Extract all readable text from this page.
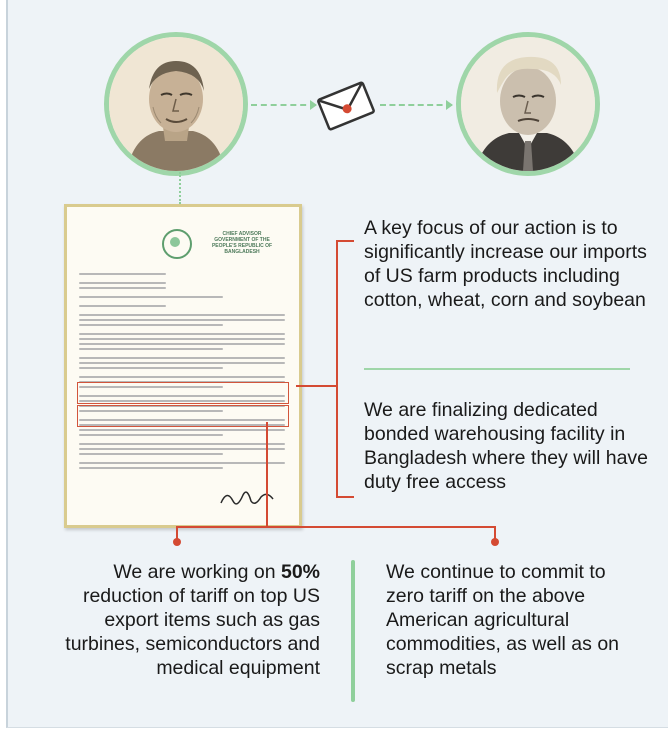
CHIEF ADVISOR
GOVERNMENT OF THE PEOPLE'S REPUBLIC OF BANGLADESH

A key focus of our action is to significantly increase our imports of US farm products including cotton, wheat, corn and soybean

We are finalizing dedicated bonded warehousing facility in Bangladesh where they will have duty free access

We are working on 50% reduction of tariff on top US export items such as gas turbines, semiconductors and medical equipment

We continue to commit to zero tariff on the above American agricultural commodities, as well as on scrap metals
